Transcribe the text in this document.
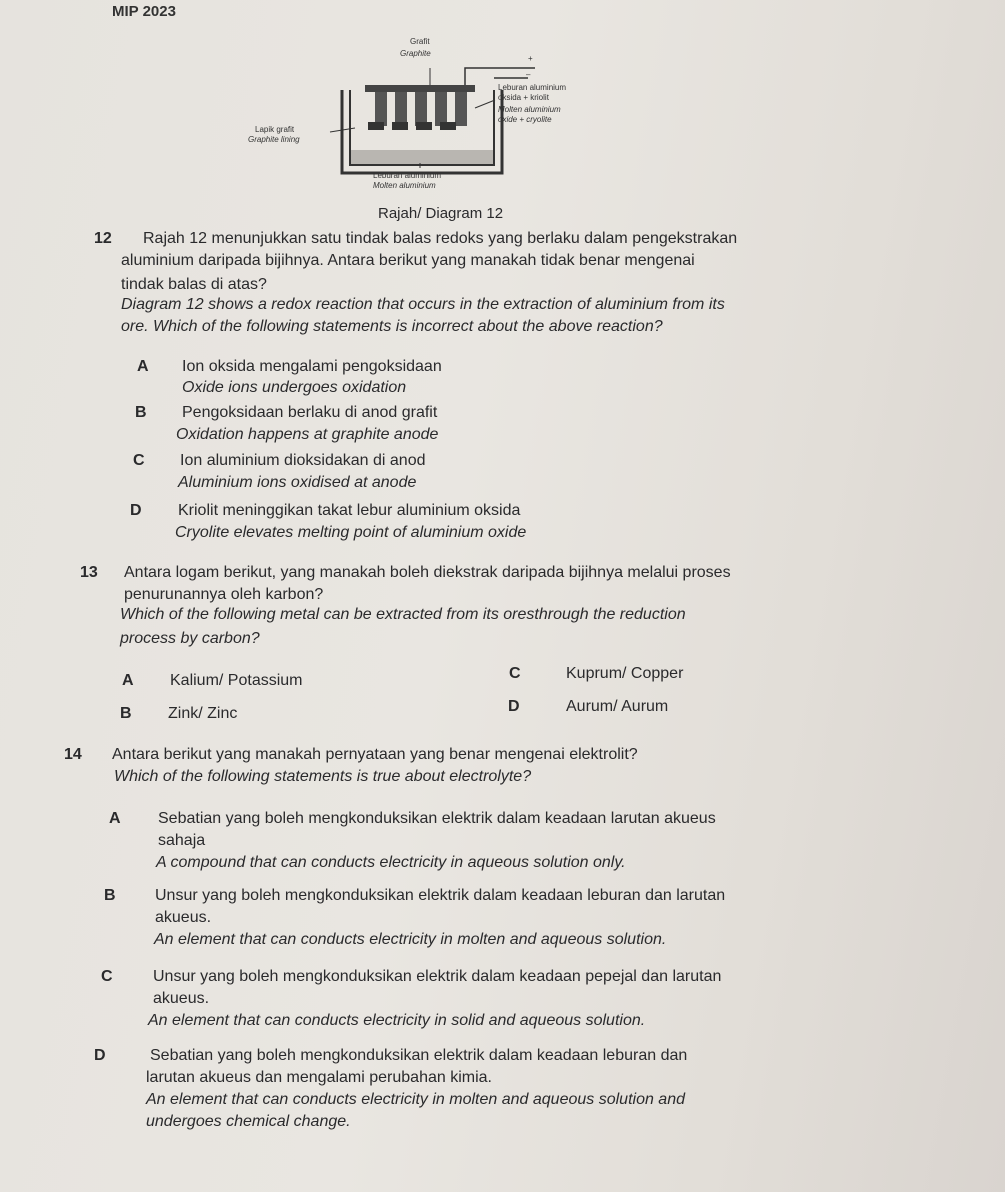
MIP 2023
Grafit
Graphite
+
–
Leburan aluminium
oksida + kriolit
Molten aluminium
oxide + cryolite
Lapik grafit
Graphite lining
Leburan aluminium
Molten aluminium
Rajah/ Diagram 12
12 Rajah 12 menunjukkan satu tindak balas redoks yang berlaku dalam pengekstrakan
aluminium daripada bijihnya. Antara berikut yang manakah tidak benar mengenai
tindak balas di atas?
Diagram 12 shows a redox reaction that occurs in the extraction of aluminium from its
ore. Which of the following statements is incorrect about the above reaction?
A Ion oksida mengalami pengoksidaan
Oxide ions undergoes oxidation
B Pengoksidaan berlaku di anod grafit
Oxidation happens at graphite anode
C Ion aluminium dioksidakan di anod
Aluminium ions oxidised at anode
D Kriolit meninggikan takat lebur aluminium oksida
Cryolite elevates melting point of aluminium oxide
13 Antara logam berikut, yang manakah boleh diekstrak daripada bijihnya melalui proses
penurunannya oleh karbon?
Which of the following metal can be extracted from its oresthrough the reduction
process by carbon?
A Kalium/ Potassium
B Zink/ Zinc
C	Kuprum/ Copper
D	Aurum/ Aurum
14 Antara berikut yang manakah pernyataan yang benar mengenai elektrolit?
Which of the following statements is true about electrolyte?
A Sebatian yang boleh mengkonduksikan elektrik dalam keadaan larutan akueus
sahaja
A compound that can conducts electricity in aqueous solution only.
B Unsur yang boleh mengkonduksikan elektrik dalam keadaan leburan dan larutan
akueus.
An element that can conducts electricity in molten and aqueous solution.
C	Unsur yang boleh mengkonduksikan elektrik dalam keadaan pepejal dan larutan
akueus.
An element that can conducts electricity in solid and aqueous solution.
D	Sebatian yang boleh mengkonduksikan elektrik dalam keadaan leburan dan
larutan akueus dan mengalami perubahan kimia.
An element that can conducts electricity in molten and aqueous solution and
undergoes chemical change.
